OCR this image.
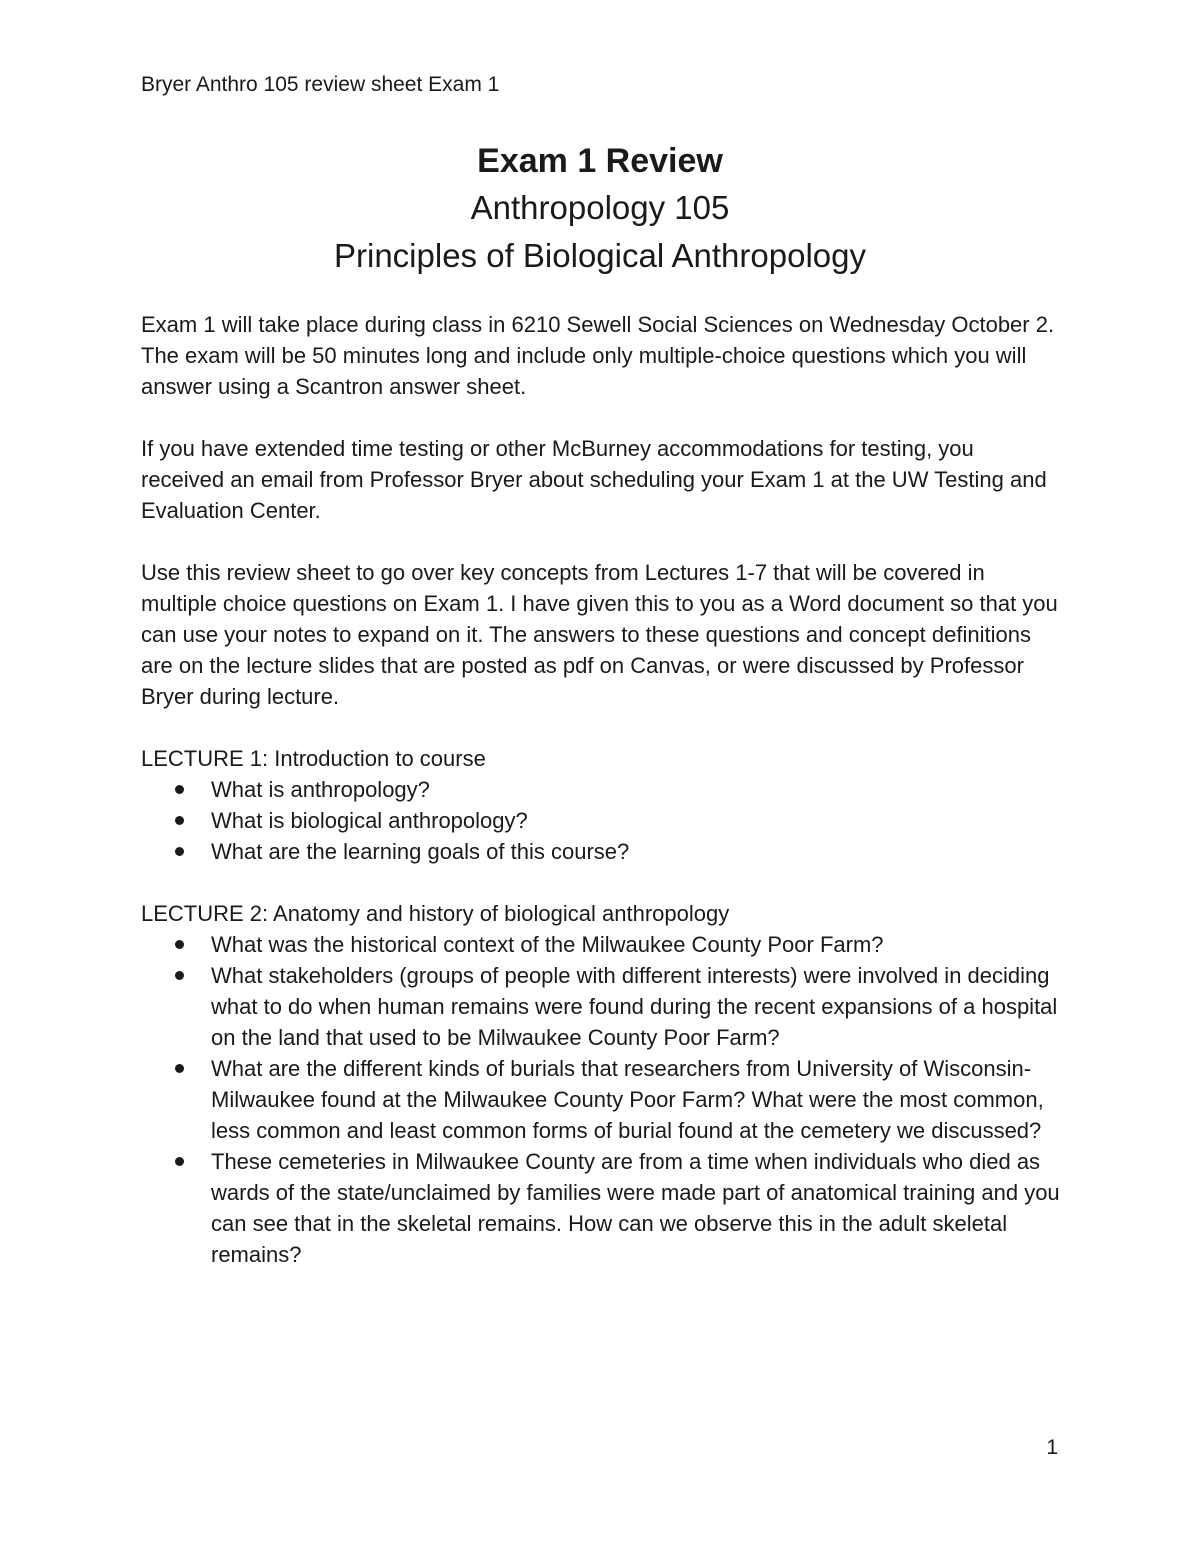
Bryer Anthro 105 review sheet Exam 1

Exam 1 Review

Anthropology 105

Principles of Biological Anthropology

Exam 1 will take place during class in 6210 Sewell Social Sciences on Wednesday October 2.

The exam will be 50 minutes long and include only multiple-choice questions which you will answer using a Scantron answer sheet.

If you have extended time testing or other McBurney accommodations for testing, you received an email from Professor Bryer about scheduling your Exam 1 at the UW Testing and Evaluation Center.

Use this review sheet to go over key concepts from Lectures 1-7 that will be covered in multiple choice questions on Exam 1. I have given this to you as a Word document so that you can use your notes to expand on it. The answers to these questions and concept definitions are on the lecture slides that are posted as pdf on Canvas, or were discussed by Professor Bryer during lecture.

LECTURE 1: Introduction to course

What is anthropology?
What is biological anthropology?
What are the learning goals of this course?

LECTURE 2: Anatomy and history of biological anthropology

What was the historical context of the Milwaukee County Poor Farm?
What stakeholders (groups of people with different interests) were involved in deciding what to do when human remains were found during the recent expansions of a hospital on the land that used to be Milwaukee County Poor Farm?
What are the different kinds of burials that researchers from University of Wisconsin-Milwaukee found at the Milwaukee County Poor Farm? What were the most common, less common and least common forms of burial found at the cemetery we discussed?
These cemeteries in Milwaukee County are from a time when individuals who died as wards of the state/unclaimed by families were made part of anatomical training and you can see that in the skeletal remains. How can we observe this in the adult skeletal remains?
1
